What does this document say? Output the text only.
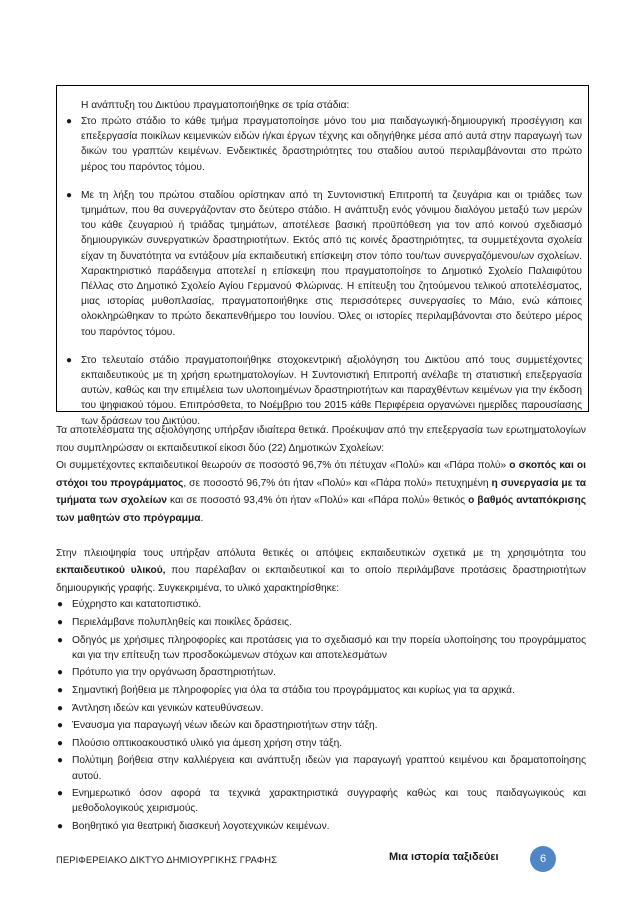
Η ανάπτυξη του Δικτύου πραγματοποιήθηκε σε τρία στάδια:

● Στο πρώτο στάδιο το κάθε τμήμα πραγματοποίησε μόνο του μια παιδαγωγική-δημιουργική προσέγγιση και επεξεργασία ποικίλων κειμενικών ειδών ή/και έργων τέχνης και οδηγήθηκε μέσα από αυτά στην παραγωγή των δικών του γραπτών κειμένων. Ενδεικτικές δραστηριότητες του σταδίου αυτού περιλαμβάνονται στο πρώτο μέρος του παρόντος τόμου.
● Με τη λήξη του πρώτου σταδίου ορίστηκαν από τη Συντονιστική Επιτροπή τα ζευγάρια και οι τριάδες των τμημάτων, που θα συνεργάζονταν στο δεύτερο στάδιο. Η ανάπτυξη ενός γόνιμου διαλόγου μεταξύ των μερών του κάθε ζευγαριού ή τριάδας τμημάτων, αποτέλεσε βασική προϋπόθεση για τον από κοινού σχεδιασμό δημιουργικών συνεργατικών δραστηριοτήτων. Εκτός από τις κοινές δραστηριότητες, τα συμμετέχοντα σχολεία είχαν τη δυνατότητα να εντάξουν μία εκπαιδευτική επίσκεψη στον τόπο του/των συνεργαζόμενου/ων σχολείων. Χαρακτηριστικό παράδειγμα αποτελεί η επίσκεψη που πραγματοποίησε το Δημοτικό Σχολείο Παλαιφύτου Πέλλας στο Δημοτικό Σχολείο Αγίου Γερμανού Φλώρινας. Η επίτευξη του ζητούμενου τελικού αποτελέσματος, μιας ιστορίας μυθοπλασίας, πραγματοποιήθηκε στις περισσότερες συνεργασίες το Μάιο, ενώ κάποιες ολοκληρώθηκαν το πρώτο δεκαπενθήμερο του Ιουνίου. Όλες οι ιστορίες περιλαμβάνονται στο δεύτερο μέρος του παρόντος τόμου.
● Στο τελευταίο στάδιο πραγματοποιήθηκε στοχοκεντρική αξιολόγηση του Δικτύου από τους συμμετέχοντες εκπαιδευτικούς με τη χρήση ερωτηματολογίων. Η Συντονιστική Επιτροπή ανέλαβε τη στατιστική επεξεργασία αυτών, καθώς και την επιμέλεια των υλοποιημένων δραστηριοτήτων και παραχθέντων κειμένων για την έκδοση του ψηφιακού τόμου. Επιπρόσθετα, το Νοέμβριο του 2015 κάθε Περιφέρεια οργανώνει ημερίδες παρουσίασης των δράσεων του Δικτύου.

Τα αποτελέσματα της αξιολόγησης υπήρξαν ιδιαίτερα θετικά. Προέκυψαν από την επεξεργασία των ερωτηματολογίων που συμπληρώσαν οι εκπαιδευτικοί είκοσι δύο (22) Δημοτικών Σχολείων:

Οι συμμετέχοντες εκπαιδευτικοί θεωρούν σε ποσοστό 96,7% ότι πέτυχαν «Πολύ» και «Πάρα πολύ» ο σκοπός και οι στόχοι του προγράμματος, σε ποσοστό 96,7% ότι ήταν «Πολύ» και «Πάρα πολύ» πετυχημένη η συνεργασία με τα τμήματα των σχολείων και σε ποσοστό 93,4% ότι ήταν «Πολύ» και «Πάρα πολύ» θετικός ο βαθμός ανταπόκρισης των μαθητών στο πρόγραμμα.

Στην πλειοψηφία τους υπήρξαν απόλυτα θετικές οι απόψεις εκπαιδευτικών σχετικά με τη χρησιμότητα του εκπαιδευτικού υλικού, που παρέλαβαν οι εκπαιδευτικοί και το οποίο περιλάμβανε προτάσεις δραστηριοτήτων δημιουργικής γραφής. Συγκεκριμένα, το υλικό χαρακτηρίσθηκε:

● Εύχρηστο και κατατοπιστικό.
● Περιελάμβανε πολυπληθείς και ποικίλες δράσεις.
● Οδηγός με χρήσιμες πληροφορίες και προτάσεις για το σχεδιασμό και την πορεία υλοποίησης του προγράμματος και για την επίτευξη των προσδοκώμενων στόχων και αποτελεσμάτων
● Πρότυπο για την οργάνωση δραστηριοτήτων.
● Σημαντική βοήθεια με πληροφορίες για όλα τα στάδια του προγράμματος και κυρίως για τα αρχικά.
● Άντληση ιδεών και γενικών κατευθύνσεων.
● Έναυσμα για παραγωγή νέων ιδεών και δραστηριοτήτων στην τάξη.
● Πλούσιο οπτικοακουστικό υλικό για άμεση χρήση στην τάξη.
● Πολύτιμη βοήθεια στην καλλιέργεια και ανάπτυξη ιδεών για παραγωγή γραπτού κειμένου και δραματοποίησης αυτού.
● Ενημερωτικό όσον αφορά τα τεχνικά χαρακτηριστικά συγγραφής καθώς και τους παιδαγωγικούς και μεθοδολογικούς χειρισμούς.
● Βοηθητικό για θεατρική διασκευή λογοτεχνικών κειμένων.
ΠΕΡΙΦΕΡΕΙΑΚΟ ΔΙΚΤΥΟ ΔΗΜΙΟΥΡΓΙΚΗΣ ΓΡΑΦΗΣ	Μια ιστορία ταξιδεύει	6
